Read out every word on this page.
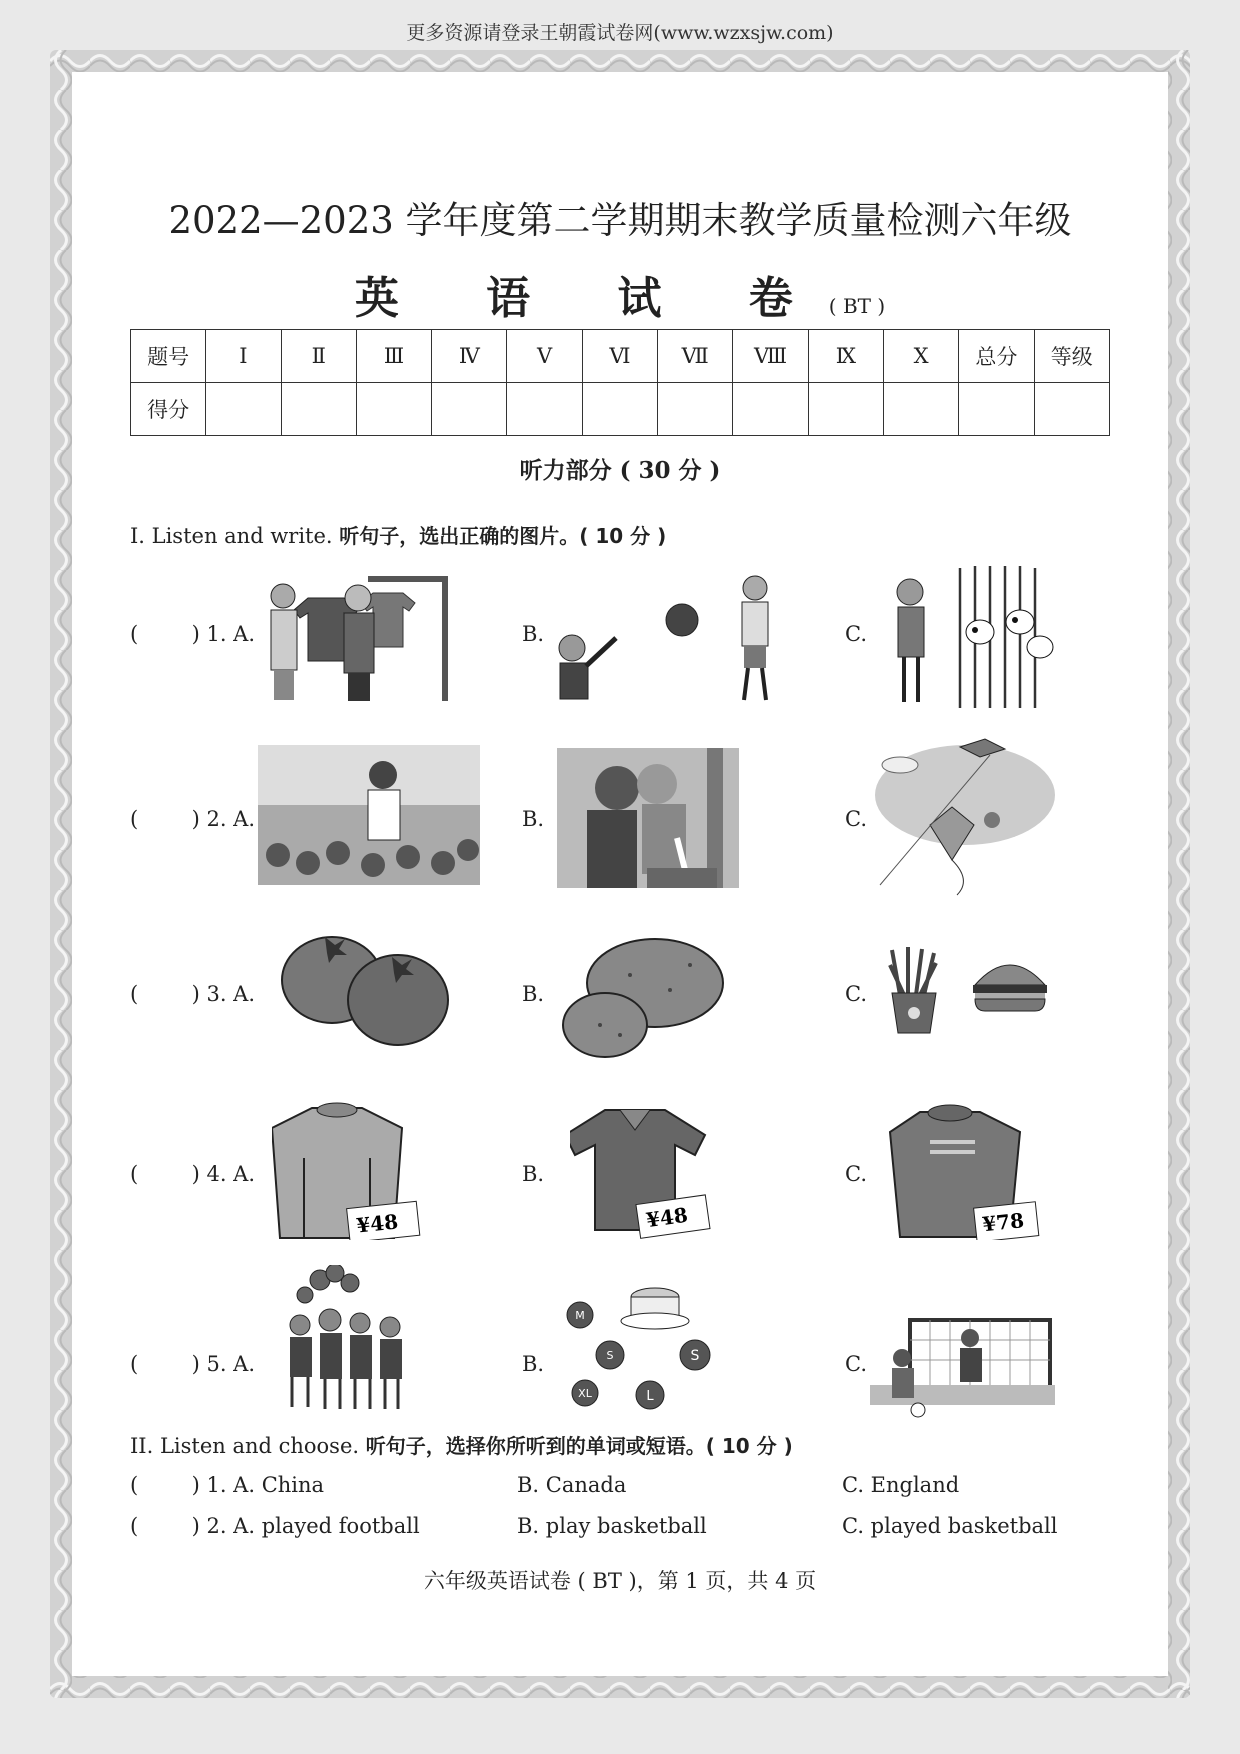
更多资源请登录王朝霞试卷网(www.wzxsjw.com)
2022—2023 学年度第二学期期末教学质量检测六年级
英 语 试 卷( BT )
题号	Ⅰ	Ⅱ	Ⅲ	Ⅳ	Ⅴ	Ⅵ	Ⅶ	Ⅷ	Ⅸ	Ⅹ	总分	等级
得分												
听力部分 ( 30 分 )
I. Listen and write. 听句子，选出正确的图片。( 10 分 )
(        ) 1. A.	B.	C.
(        ) 2. A.	B.	C.
(        ) 3. A.	B.	C.
(        ) 4. A.	B.	C.
¥48	¥48	¥78
(        ) 5. A.	B.	C.
M
S	S
XL	L
II. Listen and choose. 听句子，选择你所听到的单词或短语。( 10 分 )
(        ) 1. A. China	B. Canada	C. England
(        ) 2. A. played football	B. play basketball	C. played basketball
六年级英语试卷 ( BT )，第 1 页，共 4 页
